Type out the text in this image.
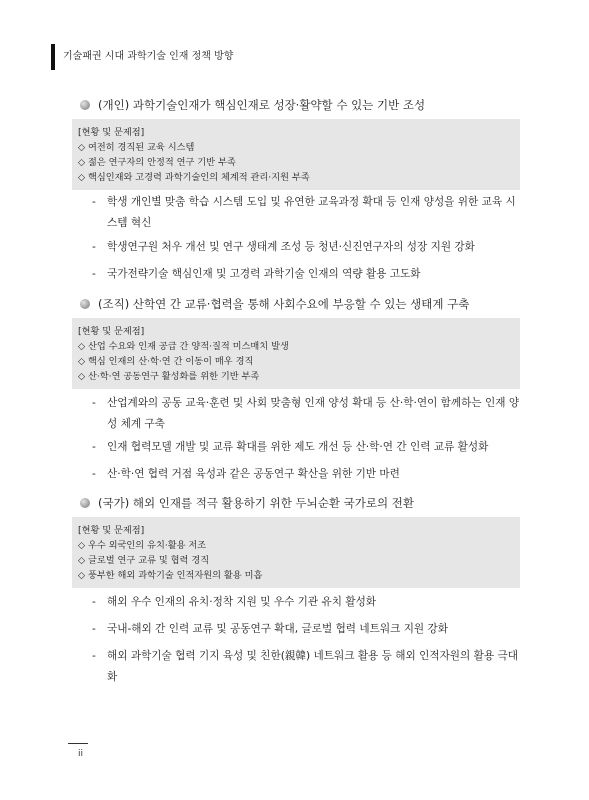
기술패권 시대 과학기술 인재 정책 방향
(개인) 과학기술인재가 핵심인재로 성장·활약할 수 있는 기반 조성
[현황 및 문제점]
◇ 여전히 경직된 교육 시스템
◇ 젊은 연구자의 안정적 연구 기반 부족
◇ 핵심인재와 고경력 과학기술인의 체계적 관리·지원 부족
-	학생 개인별 맞춤 학습 시스템 도입 및 유연한 교육과정 확대 등 인재 양성을 위한 교육 시스템 혁신
-	학생연구원 처우 개선 및 연구 생태계 조성 등 청년·신진연구자의 성장 지원 강화
-	국가전략기술 핵심인재 및 고경력 과학기술 인재의 역량 활용 고도화
(조직) 산학연 간 교류·협력을 통해 사회수요에 부응할 수 있는 생태계 구축
[현황 및 문제점]
◇ 산업 수요와 인재 공급 간 양적·질적 미스매치 발생
◇ 핵심 인재의 산·학·연 간 이동이 매우 경직
◇ 산·학·연 공동연구 활성화를 위한 기반 부족
-	산업계와의 공동 교육·훈련 및 사회 맞춤형 인재 양성 확대 등 산·학·연이 함께하는 인재 양성 체계 구축
-	인재 협력모델 개발 및 교류 확대를 위한 제도 개선 등 산·학·연 간 인력 교류 활성화
-	산·학·연 협력 거점 육성과 같은 공동연구 확산을 위한 기반 마련
(국가) 해외 인재를 적극 활용하기 위한 두뇌순환 국가로의 전환
[현황 및 문제점]
◇ 우수 외국인의 유치·활용 저조
◇ 글로벌 연구 교류 및 협력 경직
◇ 풍부한 해외 과학기술 인적자원의 활용 미흡
-	해외 우수 인재의 유치·정착 지원 및 우수 기관 유치 활성화
-	국내-해외 간 인력 교류 및 공동연구 확대, 글로벌 협력 네트워크 지원 강화
-	해외 과학기술 협력 기지 육성 및 친한(親韓) 네트워크 활용 등 해외 인적자원의 활용 극대화
ii
